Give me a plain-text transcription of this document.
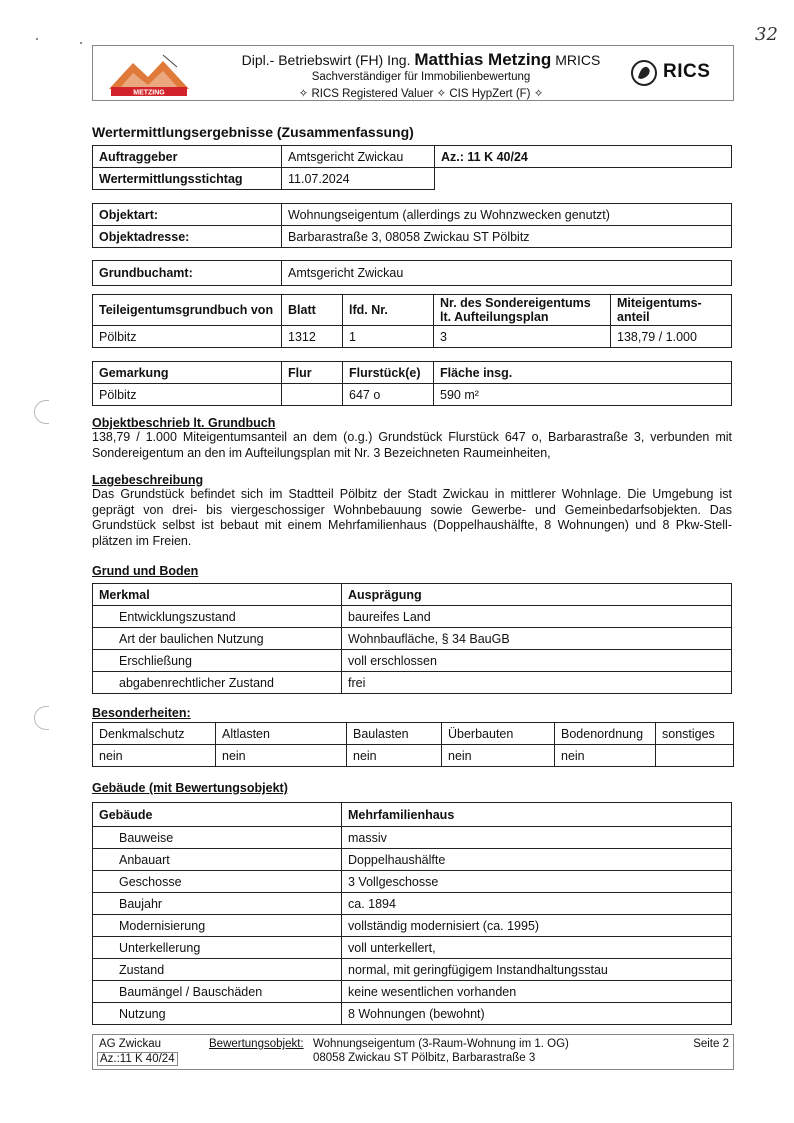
32
METZING
Dipl.- Betriebswirt (FH) Ing. Matthias Metzing MRICS
Sachverständiger für Immobilienbewertung
✧ RICS Registered Valuer ✧ CIS HypZert (F) ✧
RICS
Wertermittlungsergebnisse (Zusammenfassung)
Auftraggeber	Amtsgericht Zwickau	Az.: 11 K 40/24
Wertermittlungsstichtag	11.07.2024	
Objektart:	Wohnungseigentum (allerdings zu Wohnzwecken genutzt)
Objektadresse:	Barbarastraße 3, 08058 Zwickau ST Pölbitz
Grundbuchamt:	Amtsgericht Zwickau
Teileigentumsgrundbuch von	Blatt	lfd. Nr.	Nr. des Sondereigentums lt. Aufteilungsplan	Miteigentums-anteil
Pölbitz	1312	1	3	138,79 / 1.000
Gemarkung	Flur	Flurstück(e)	Fläche insg.
Pölbitz		647 o	590 m²
Objektbeschrieb lt. Grundbuch
138,79 / 1.000 Miteigentumsanteil an dem (o.g.) Grundstück Flurstück 647 o, Barbarastraße 3, verbunden mit Sondereigentum an den im Aufteilungsplan mit Nr. 3 Bezeichneten Raumeinheiten,
Lagebeschreibung
Das Grundstück befindet sich im Stadtteil Pölbitz der Stadt Zwickau in mittlerer Wohnlage. Die Umgebung ist geprägt von drei- bis viergeschossiger Wohnbebauung sowie Gewerbe- und Gemeinbedarfsobjekten. Das Grundstück selbst ist bebaut mit einem Mehrfamilienhaus (Doppelhaushälfte, 8 Wohnungen) und 8 Pkw-Stell-plätzen im Freien.
Grund und Boden
Merkmal	Ausprägung
Entwicklungszustand	baureifes Land
Art der baulichen Nutzung	Wohnbaufläche, § 34 BauGB
Erschließung	voll erschlossen
abgabenrechtlicher Zustand	frei
Besonderheiten:
Denkmalschutz	Altlasten	Baulasten	Überbauten	Bodenordnung	sonstiges
nein	nein	nein	nein	nein	
Gebäude (mit Bewertungsobjekt)
Gebäude	Mehrfamilienhaus
Bauweise	massiv
Anbauart	Doppelhaushälfte
Geschosse	3 Vollgeschosse
Baujahr	ca. 1894
Modernisierung	vollständig modernisiert (ca. 1995)
Unterkellerung	voll unterkellert,
Zustand	normal, mit geringfügigem Instandhaltungsstau
Baumängel / Bauschäden	keine wesentlichen vorhanden
Nutzung	8 Wohnungen (bewohnt)
AG Zwickau
Az.:11 K 40/24
Bewertungsobjekt: Wohnungseigentum (3-Raum-Wohnung im 1. OG)
08058 Zwickau ST Pölbitz, Barbarastraße 3
Seite 2
